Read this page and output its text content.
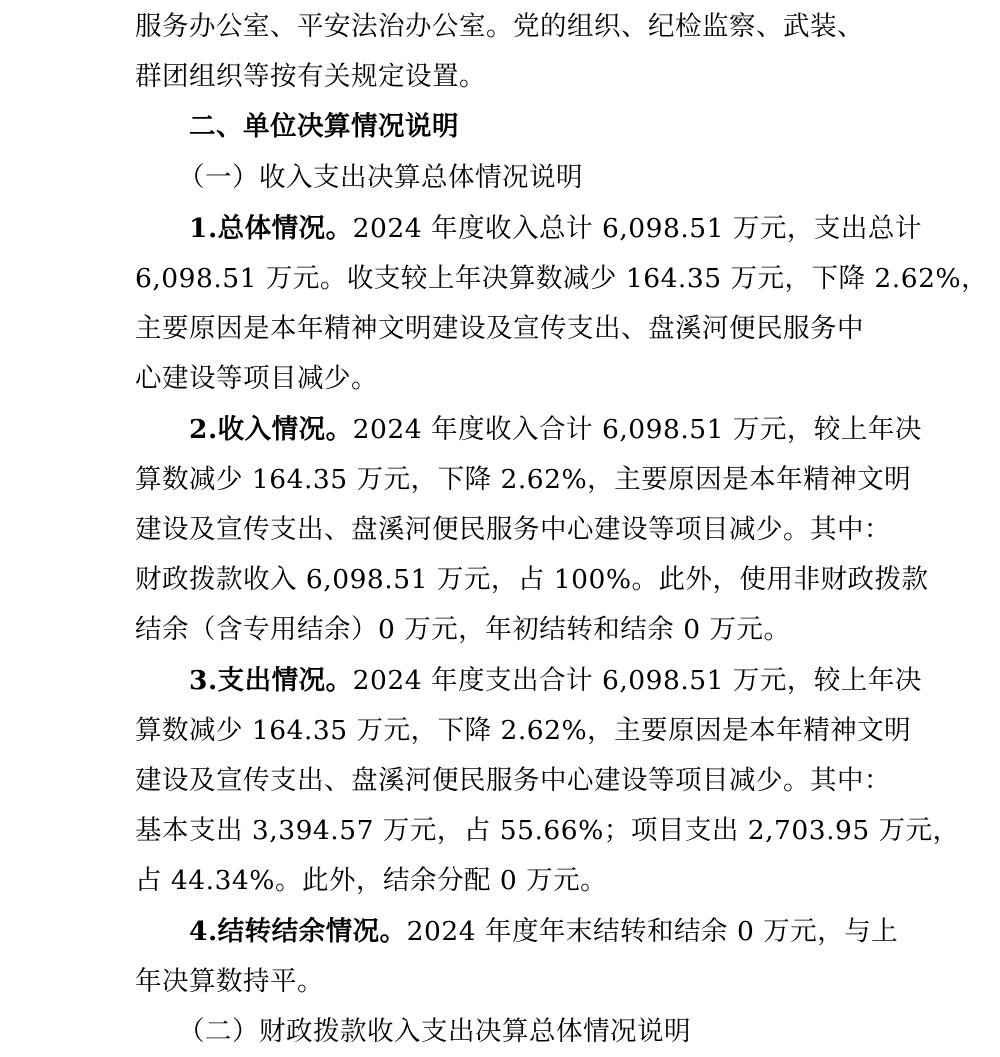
服务办公室、平安法治办公室。党的组织、纪检监察、武装、
群团组织等按有关规定设置。
二、单位决算情况说明
（一）收入支出决算总体情况说明
1.总体情况。2024 年度收入总计 6,098.51 万元，支出总计
6,098.51 万元。收支较上年决算数减少 164.35 万元，下降 2.62%，
主要原因是本年精神文明建设及宣传支出、盘溪河便民服务中
心建设等项目减少。
2.收入情况。2024 年度收入合计 6,098.51 万元，较上年决
算数减少 164.35 万元，下降 2.62%，主要原因是本年精神文明
建设及宣传支出、盘溪河便民服务中心建设等项目减少。其中：
财政拨款收入 6,098.51 万元，占 100%。此外，使用非财政拨款
结余（含专用结余）0 万元，年初结转和结余 0 万元。
3.支出情况。2024 年度支出合计 6,098.51 万元，较上年决
算数减少 164.35 万元，下降 2.62%，主要原因是本年精神文明
建设及宣传支出、盘溪河便民服务中心建设等项目减少。其中：
基本支出 3,394.57 万元，占 55.66%；项目支出 2,703.95 万元，
占 44.34%。此外，结余分配 0 万元。
4.结转结余情况。2024 年度年末结转和结余 0 万元，与上
年决算数持平。
（二）财政拨款收入支出决算总体情况说明
